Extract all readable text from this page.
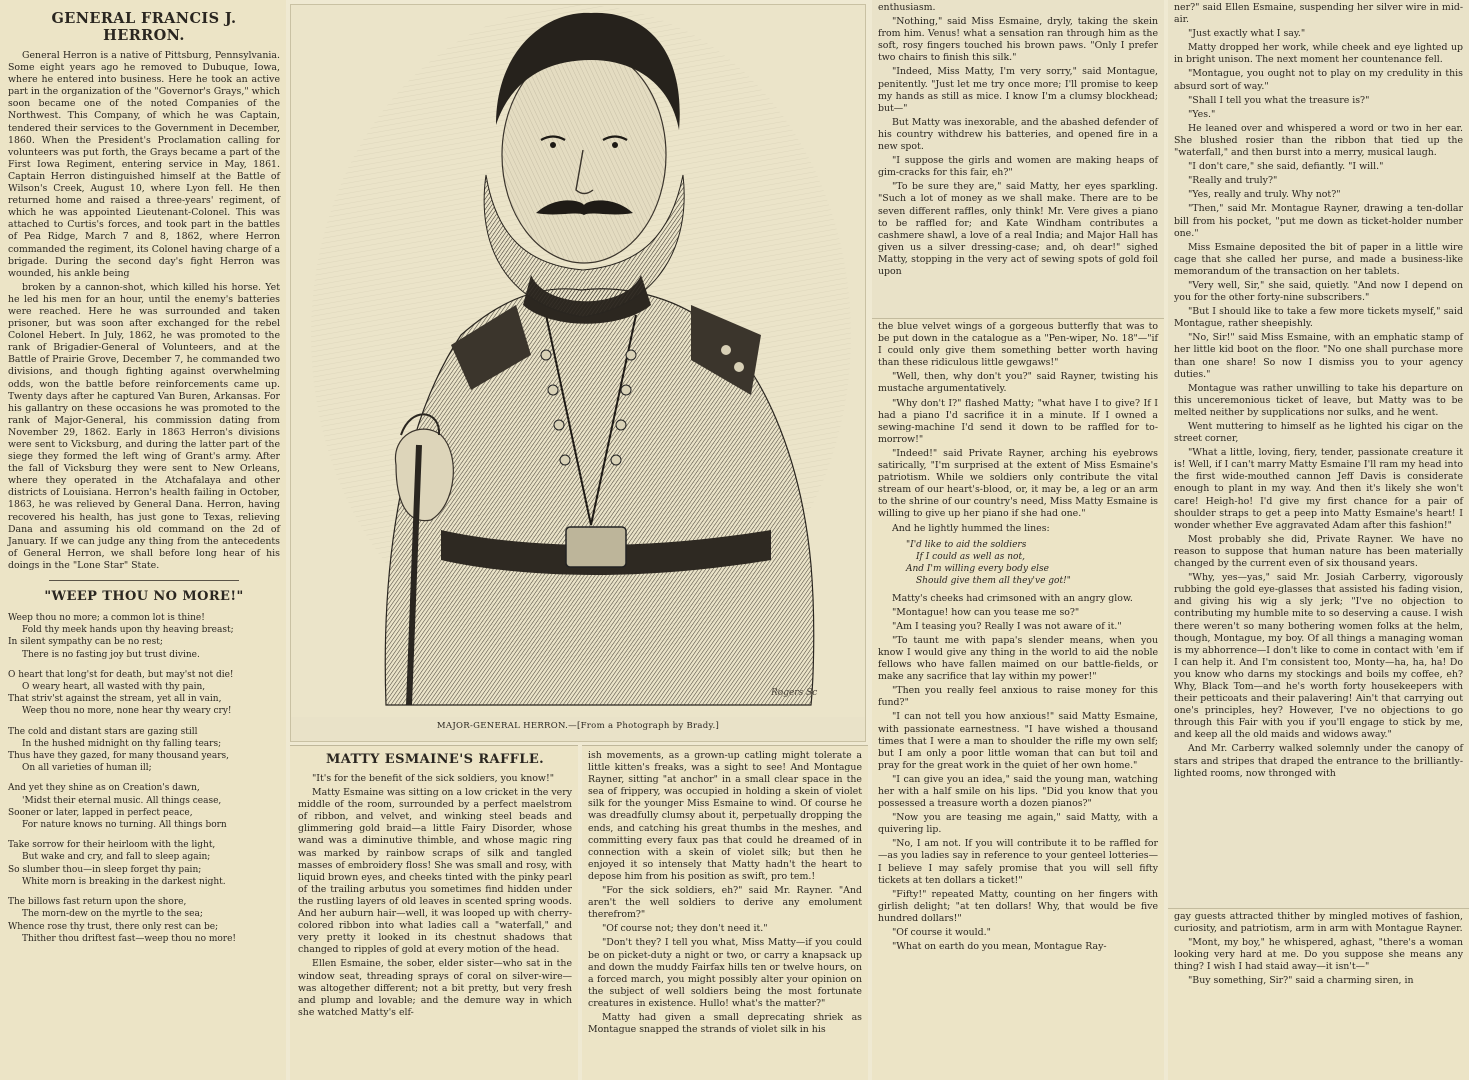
GENERAL FRANCIS J. HERRON.

General Herron is a native of Pittsburg, Pennsylvania. Some eight years ago he removed to Dubuque, Iowa, where he entered into business. Here he took an active part in the organization of the "Governor's Grays," which soon became one of the noted Companies of the Northwest. This Company, of which he was Captain, tendered their services to the Government in December, 1860. When the President's Proclamation calling for volunteers was put forth, the Grays became a part of the First Iowa Regiment, entering service in May, 1861. Captain Herron distinguished himself at the Battle of Wilson's Creek, August 10, where Lyon fell. He then returned home and raised a three-years' regiment, of which he was appointed Lieutenant-Colonel. This was attached to Curtis's forces, and took part in the battles of Pea Ridge, March 7 and 8, 1862, where Herron commanded the regiment, its Colonel having charge of a brigade. During the second day's fight Herron was wounded, his ankle being

broken by a cannon-shot, which killed his horse. Yet he led his men for an hour, until the enemy's batteries were reached. Here he was surrounded and taken prisoner, but was soon after exchanged for the rebel Colonel Hebert. In July, 1862, he was promoted to the rank of Brigadier-General of Volunteers, and at the Battle of Prairie Grove, December 7, he commanded two divisions, and though fighting against overwhelming odds, won the battle before reinforcements came up. Twenty days after he captured Van Buren, Arkansas. For his gallantry on these occasions he was promoted to the rank of Major-General, his commission dating from November 29, 1862. Early in 1863 Herron's divisions were sent to Vicksburg, and during the latter part of the siege they formed the left wing of Grant's army. After the fall of Vicksburg they were sent to New Orleans, where they operated in the Atchafalaya and other districts of Louisiana. Herron's health failing in October, 1863, he was relieved by General Dana. Herron, having recovered his health, has just gone to Texas, relieving Dana and assuming his old command on the 2d of January. If we can judge any thing from the antecedents of General Herron, we shall before long hear of his doings in the "Lone Star" State.

"WEEP THOU NO MORE!"
Weep thou no more; a common lot is thine!
Fold thy meek hands upon thy heaving breast;
In silent sympathy can be no rest;
There is no fasting joy but trust divine.
O heart that long'st for death, but may'st not die!
O weary heart, all wasted with thy pain,
That striv'st against the stream, yet all in vain,
Weep thou no more, none hear thy weary cry!
The cold and distant stars are gazing still
In the hushed midnight on thy falling tears;
Thus have they gazed, for many thousand years,
On all varieties of human ill;
And yet they shine as on Creation's dawn,
'Midst their eternal music. All things cease,
Sooner or later, lapped in perfect peace,
For nature knows no turning. All things born
Take sorrow for their heirloom with the light,
But wake and cry, and fall to sleep again;
So slumber thou—in sleep forget thy pain;
White morn is breaking in the darkest night.
The billows fast return upon the shore,
The morn-dew on the myrtle to the sea;
Whence rose thy trust, there only rest can be;
Thither thou driftest fast—weep thou no more!
Rogers Sc
MAJOR-GENERAL HERRON.—[From a Photograph by Brady.]
MATTY ESMAINE'S RAFFLE.

"It's for the benefit of the sick soldiers, you know!"

Matty Esmaine was sitting on a low cricket in the very middle of the room, surrounded by a perfect maelstrom of ribbon, and velvet, and winking steel beads and glimmering gold braid—a little Fairy Disorder, whose wand was a diminutive thimble, and whose magic ring was marked by rainbow scraps of silk and tangled masses of embroidery floss! She was small and rosy, with liquid brown eyes, and cheeks tinted with the pinky pearl of the trailing arbutus you sometimes find hidden under the rustling layers of old leaves in scented spring woods. And her auburn hair—well, it was looped up with cherry-colored ribbon into what ladies call a "waterfall," and very pretty it looked in its chestnut shadows that changed to ripples of gold at every motion of the head.

Ellen Esmaine, the sober, elder sister—who sat in the window seat, threading sprays of coral on silver-wire—was altogether different; not a bit pretty, but very fresh and plump and lovable; and the demure way in which she watched Matty's elf-

ish movements, as a grown-up catling might tolerate a little kitten's freaks, was a sight to see! And Montague Rayner, sitting "at anchor" in a small clear space in the sea of frippery, was occupied in holding a skein of violet silk for the younger Miss Esmaine to wind. Of course he was dreadfully clumsy about it, perpetually dropping the ends, and catching his great thumbs in the meshes, and committing every faux pas that could he dreamed of in connection with a skein of violet silk; but then he enjoyed it so intensely that Matty hadn't the heart to depose him from his position as swift, pro tem.!

"For the sick soldiers, eh?" said Mr. Rayner. "And aren't the well soldiers to derive any emolument therefrom?"

"Of course not; they don't need it."

"Don't they? I tell you what, Miss Matty—if you could be on picket-duty a night or two, or carry a knapsack up and down the muddy Fairfax hills ten or twelve hours, on a forced march, you might possibly alter your opinion on the subject of well soldiers being the most fortunate creatures in existence. Hullo! what's the matter?"

Matty had given a small deprecating shriek as Montague snapped the strands of violet silk in his

enthusiasm.

"Nothing," said Miss Esmaine, dryly, taking the skein from him. Venus! what a sensation ran through him as the soft, rosy fingers touched his brown paws. "Only I prefer two chairs to finish this silk."

"Indeed, Miss Matty, I'm very sorry," said Montague, penitently. "Just let me try once more; I'll promise to keep my hands as still as mice. I know I'm a clumsy blockhead; but—"

But Matty was inexorable, and the abashed defender of his country withdrew his batteries, and opened fire in a new spot.

"I suppose the girls and women are making heaps of gim-cracks for this fair, eh?"

"To be sure they are," said Matty, her eyes sparkling. "Such a lot of money as we shall make. There are to be seven different raffles, only think! Mr. Vere gives a piano to be raffled for; and Kate Windham contributes a cashmere shawl, a love of a real India; and Major Hall has given us a silver dressing-case; and, oh dear!" sighed Matty, stopping in the very act of sewing spots of gold foil upon

the blue velvet wings of a gorgeous butterfly that was to be put down in the catalogue as a "Pen-wiper, No. 18"—"if I could only give them something better worth having than these ridiculous little gewgaws!"

"Well, then, why don't you?" said Rayner, twisting his mustache argumentatively.

"Why don't I?" flashed Matty; "what have I to give? If I had a piano I'd sacrifice it in a minute. If I owned a sewing-machine I'd send it down to be raffled for to-morrow!"

"Indeed!" said Private Rayner, arching his eyebrows satirically, "I'm surprised at the extent of Miss Esmaine's patriotism. While we soldiers only contribute the vital stream of our heart's-blood, or, it may be, a leg or an arm to the shrine of our country's need, Miss Matty Esmaine is willing to give up her piano if she had one."

And he lightly hummed the lines:

"I'd like to aid the soldiers
If I could as well as not,
And I'm willing every body else
Should give them all they've got!"

Matty's cheeks had crimsoned with an angry glow.

"Montague! how can you tease me so?"

"Am I teasing you? Really I was not aware of it."

"To taunt me with papa's slender means, when you know I would give any thing in the world to aid the noble fellows who have fallen maimed on our battle-fields, or make any sacrifice that lay within my power!"

"Then you really feel anxious to raise money for this fund?"

"I can not tell you how anxious!" said Matty Esmaine, with passionate earnestness. "I have wished a thousand times that I were a man to shoulder the rifle my own self; but I am only a poor little woman that can but toil and pray for the great work in the quiet of her own home."

"I can give you an idea," said the young man, watching her with a half smile on his lips. "Did you know that you possessed a treasure worth a dozen pianos?"

"Now you are teasing me again," said Matty, with a quivering lip.

"No, I am not. If you will contribute it to be raffled for—as you ladies say in reference to your genteel lotteries—I believe I may safely promise that you will sell fifty tickets at ten dollars a ticket!"

"Fifty!" repeated Matty, counting on her fingers with girlish delight; "at ten dollars! Why, that would be five hundred dollars!"

"Of course it would."

"What on earth do you mean, Montague Ray-

ner?" said Ellen Esmaine, suspending her silver wire in mid-air.

"Just exactly what I say."

Matty dropped her work, while cheek and eye lighted up in bright unison. The next moment her countenance fell.

"Montague, you ought not to play on my credulity in this absurd sort of way."

"Shall I tell you what the treasure is?"

"Yes."

He leaned over and whispered a word or two in her ear. She blushed rosier than the ribbon that tied up the "waterfall," and then burst into a merry, musical laugh.

"I don't care," she said, defiantly. "I will."

"Really and truly?"

"Yes, really and truly. Why not?"

"Then," said Mr. Montague Rayner, drawing a ten-dollar bill from his pocket, "put me down as ticket-holder number one."

Miss Esmaine deposited the bit of paper in a little wire cage that she called her purse, and made a business-like memorandum of the transaction on her tablets.

"Very well, Sir," she said, quietly. "And now I depend on you for the other forty-nine subscribers."

"But I should like to take a few more tickets myself," said Montague, rather sheepishly.

"No, Sir!" said Miss Esmaine, with an emphatic stamp of her little kid boot on the floor. "No one shall purchase more than one share! So now I dismiss you to your agency duties."

Montague was rather unwilling to take his departure on this unceremonious ticket of leave, but Matty was to be melted neither by supplications nor sulks, and he went.

Went muttering to himself as he lighted his cigar on the street corner,

"What a little, loving, fiery, tender, passionate creature it is! Well, if I can't marry Matty Esmaine I'll ram my head into the first wide-mouthed cannon Jeff Davis is considerate enough to plant in my way. And then it's likely she won't care! Heigh-ho! I'd give my first chance for a pair of shoulder straps to get a peep into Matty Esmaine's heart! I wonder whether Eve aggravated Adam after this fashion!"

Most probably she did, Private Rayner. We have no reason to suppose that human nature has been materially changed by the current even of six thousand years.

"Why, yes—yas," said Mr. Josiah Carberry, vigorously rubbing the gold eye-glasses that assisted his fading vision, and giving his wig a sly jerk; "I've no objection to contributing my humble mite to so deserving a cause. I wish there weren't so many bothering women folks at the helm, though, Montague, my boy. Of all things a managing woman is my abhorrence—I don't like to come in contact with 'em if I can help it. And I'm consistent too, Monty—ha, ha, ha! Do you know who darns my stockings and boils my coffee, eh? Why, Black Tom—and he's worth forty housekeepers with their petticoats and their palavering! Ain't that carrying out one's principles, hey? However, I've no objections to go through this Fair with you if you'll engage to stick by me, and keep all the old maids and widows away."

And Mr. Carberry walked solemnly under the canopy of stars and stripes that draped the entrance to the brilliantly-lighted rooms, now thronged with

gay guests attracted thither by mingled motives of fashion, curiosity, and patriotism, arm in arm with Montague Rayner.

"Mont, my boy," he whispered, aghast, "there's a woman looking very hard at me. Do you suppose she means any thing? I wish I had staid away—it isn't—"

"Buy something, Sir?" said a charming siren, in
